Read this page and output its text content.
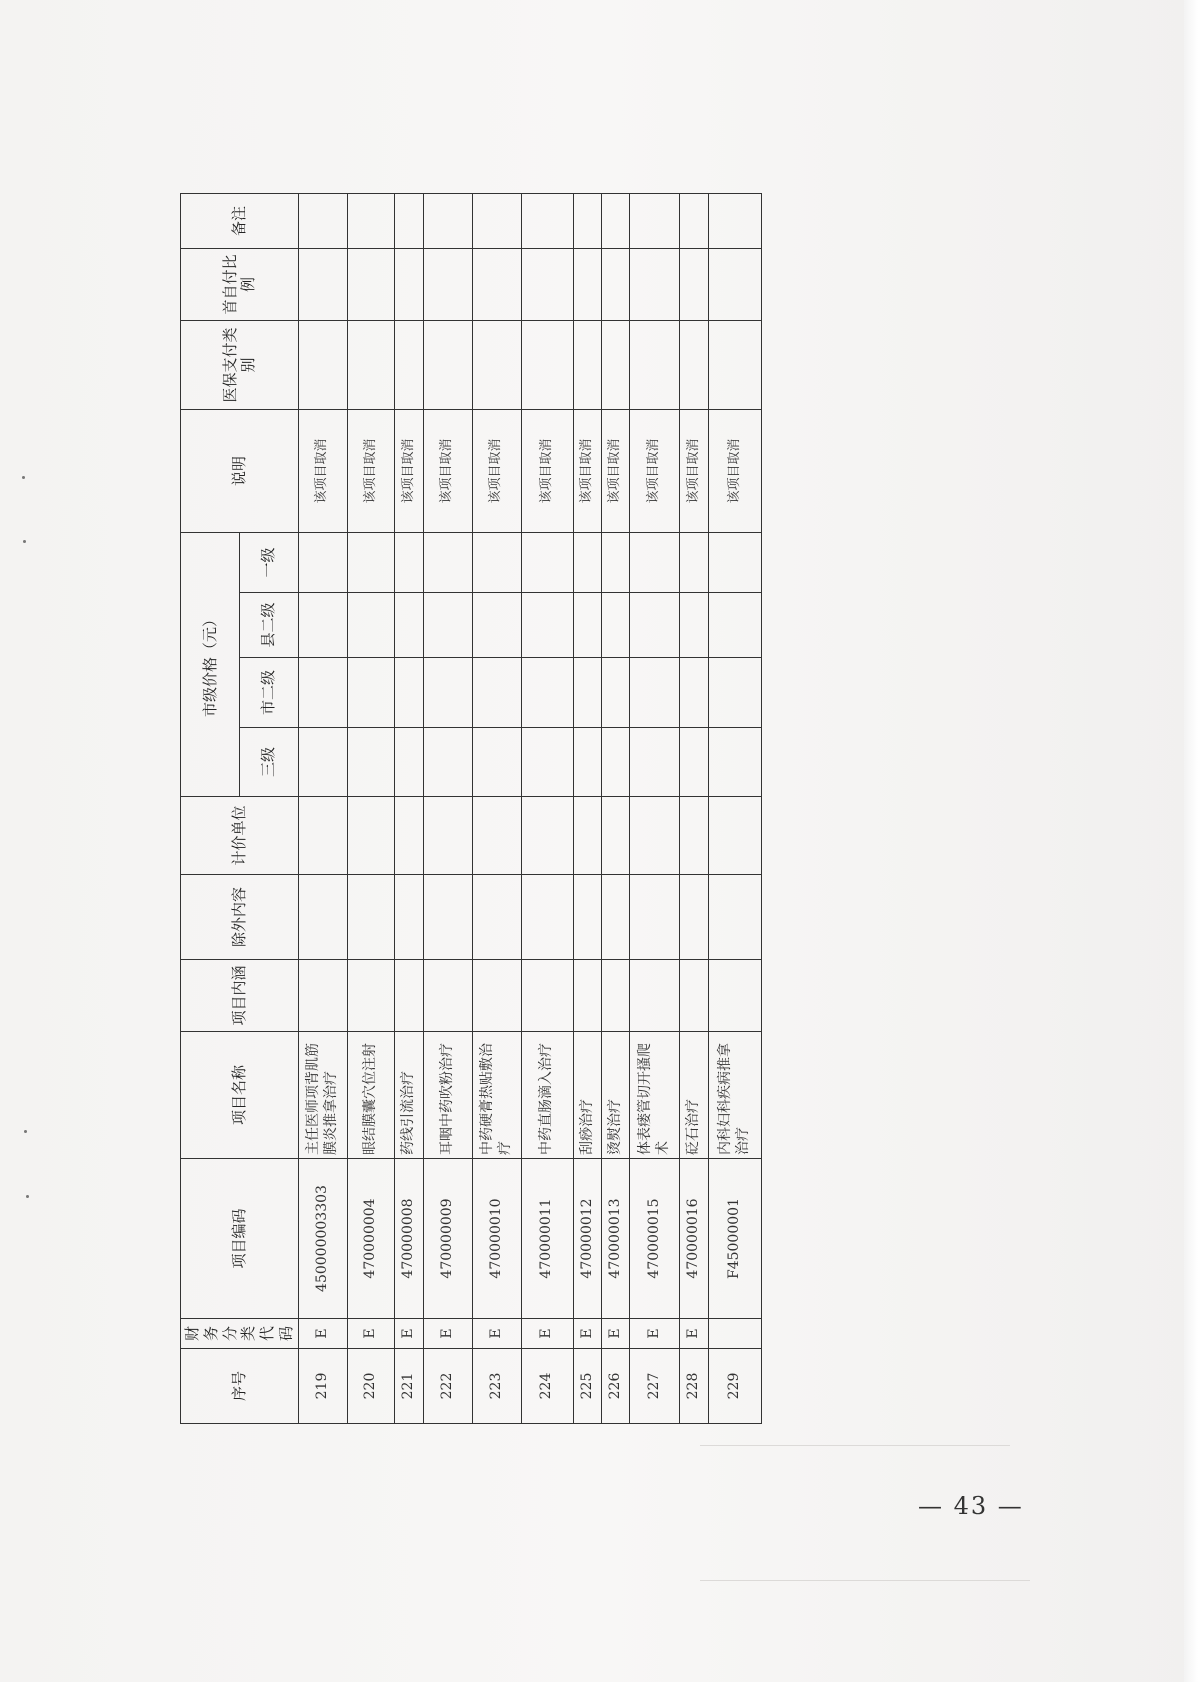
序号	财务分类代码	项目编码	项目名称	项目内涵	除外内容	计价单位	市级价格（元）				说明	医保支付类别	首自付比例	备注
							三级	市二级	县二级	一级				
219	E	450000003303	主任医师项背肌筋膜炎推拿治疗								该项目取消			
220	E	470000004	眼结膜囊穴位注射								该项目取消			
221	E	470000008	药线引流治疗								该项目取消			
222	E	470000009	耳咽中药吹粉治疗								该项目取消			
223	E	470000010	中药硬膏热贴敷治疗								该项目取消			
224	E	470000011	中药直肠滴入治疗								该项目取消			
225	E	470000012	刮痧治疗								该项目取消			
226	E	470000013	烫熨治疗								该项目取消			
227	E	470000015	体表瘘管切开搔爬术								该项目取消			
228	E	470000016	砭石治疗								该项目取消			
229		F45000001	内科妇科疾病推拿治疗								该项目取消			
— 43 —
